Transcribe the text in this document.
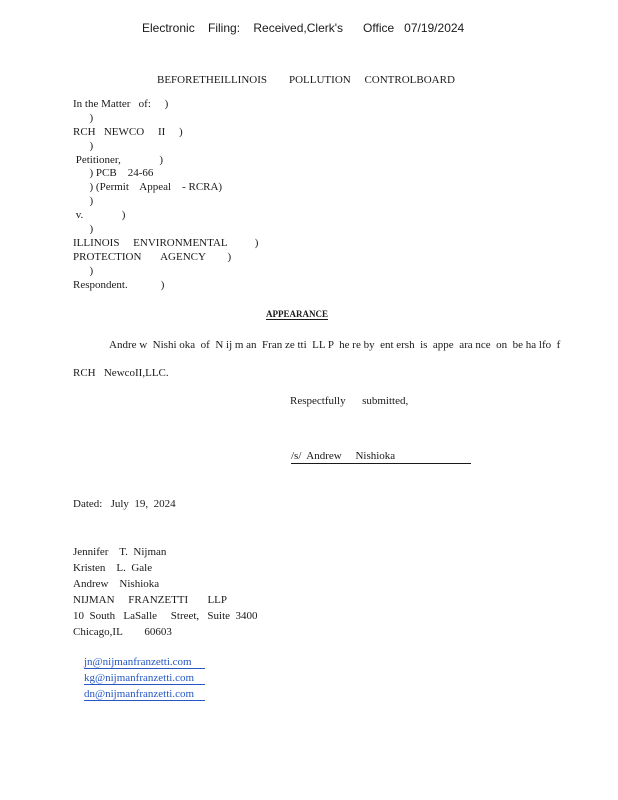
Electronic    Filing:    Received,Clerk's      Office   07/19/2024
BEFORETHEILLINOIS        POLLUTION     CONTROLBOARD
In the Matter   of:     )
)
RCH   NEWCO     II     )
)
Petitioner,              )
) PCB    24-66
) (Permit    Appeal    - RCRA)
)
v.              )
)
ILLINOIS     ENVIRONMENTAL          )
PROTECTION       AGENCY        )
)
Respondent.            )
APPEARANCE
Andre w  Nishi oka  of  N ij m an  Fran ze tti  LL P  he re by  ent ersh  is  appe  ara nce  on  be ha lfo  f
RCH   NewcoII,LLC.
Respectfully      submitted,
/s/  Andrew     Nishioka
Dated:   July  19,  2024
Jennifer    T.  Nijman
Kristen    L.  Gale
Andrew    Nishioka
NIJMAN     FRANZETTI       LLP
10  South   LaSalle     Street,   Suite  3400
Chicago,IL        60603

jn@nijmanfranzetti.com

kg@nijmanfranzetti.com

dn@nijmanfranzetti.com
